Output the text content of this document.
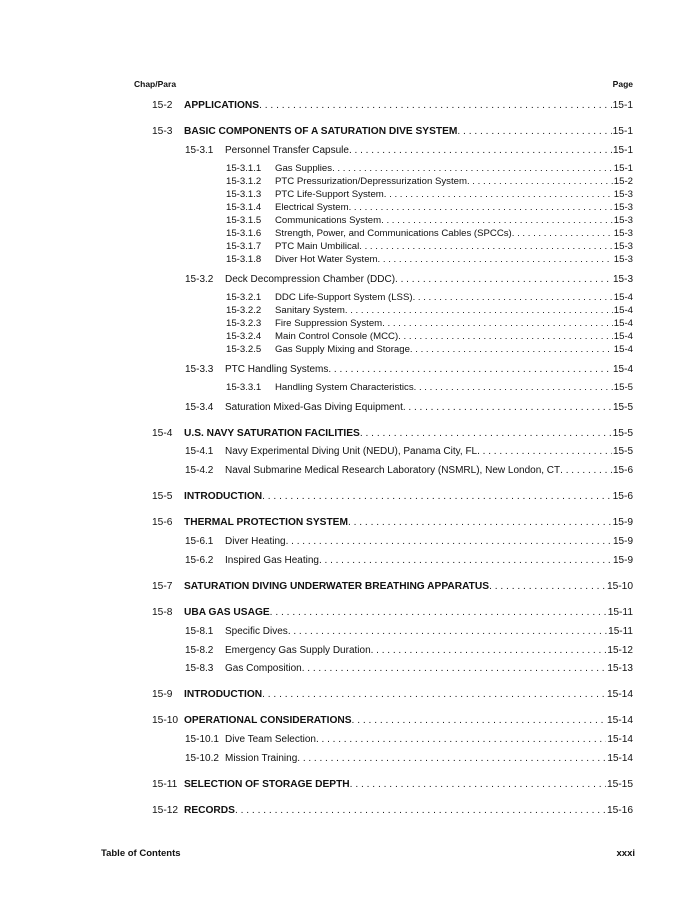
Chap/Para	Page
15-2	APPLICATIONS . . .	15-1
15-3	BASIC COMPONENTS OF A SATURATION DIVE SYSTEM . . .	15-1
15-3.1	Personnel Transfer Capsule . . .	15-1
15-3.1.1	Gas Supplies . . .	15-1
15-3.1.2	PTC Pressurization/Depressurization System . . .	15-2
15-3.1.3	PTC Life-Support System . . .	15-3
15-3.1.4	Electrical System . . .	15-3
15-3.1.5	Communications System . . .	15-3
15-3.1.6	Strength, Power, and Communications Cables (SPCCs) . . .	15-3
15-3.1.7	PTC Main Umbilical . . .	15-3
15-3.1.8	Diver Hot Water System . . .	15-3
15-3.2	Deck Decompression Chamber (DDC) . . .	15-3
15-3.2.1	DDC Life-Support System (LSS) . . .	15-4
15-3.2.2	Sanitary System . . .	15-4
15-3.2.3	Fire Suppression System . . .	15-4
15-3.2.4	Main Control Console (MCC) . . .	15-4
15-3.2.5	Gas Supply Mixing and Storage . . .	15-4
15-3.3	PTC Handling Systems . . .	15-4
15-3.3.1	Handling System Characteristics . . .	15-5
15-3.4	Saturation Mixed-Gas Diving Equipment . . .	15-5
15-4	U.S. NAVY SATURATION FACILITIES . . .	15-5
15-4.1	Navy Experimental Diving Unit (NEDU), Panama City, FL . . .	15-5
15-4.2	Naval Submarine Medical Research Laboratory (NSMRL), New London, CT . . .	15-6
15-5	INTRODUCTION . . .	15-6
15-6	THERMAL PROTECTION SYSTEM . . .	15-9
15-6.1	Diver Heating . . .	15-9
15-6.2	Inspired Gas Heating . . .	15-9
15-7	SATURATION DIVING UNDERWATER BREATHING APPARATUS . . .	15-10
15-8	UBA GAS USAGE . . .	15-11
15-8.1	Specific Dives . . .	15-11
15-8.2	Emergency Gas Supply Duration . . .	15-12
15-8.3	Gas Composition . . .	15-13
15-9	INTRODUCTION . . .	15-14
15-10 OPERATIONAL CONSIDERATIONS . . .	15-14
15-10.1 Dive Team Selection . . .	15-14
15-10.2 Mission Training . . .	15-14
15-11 SELECTION OF STORAGE DEPTH . . .	15-15
15-12 RECORDS . . .	15-16
Table of Contents	xxxi
